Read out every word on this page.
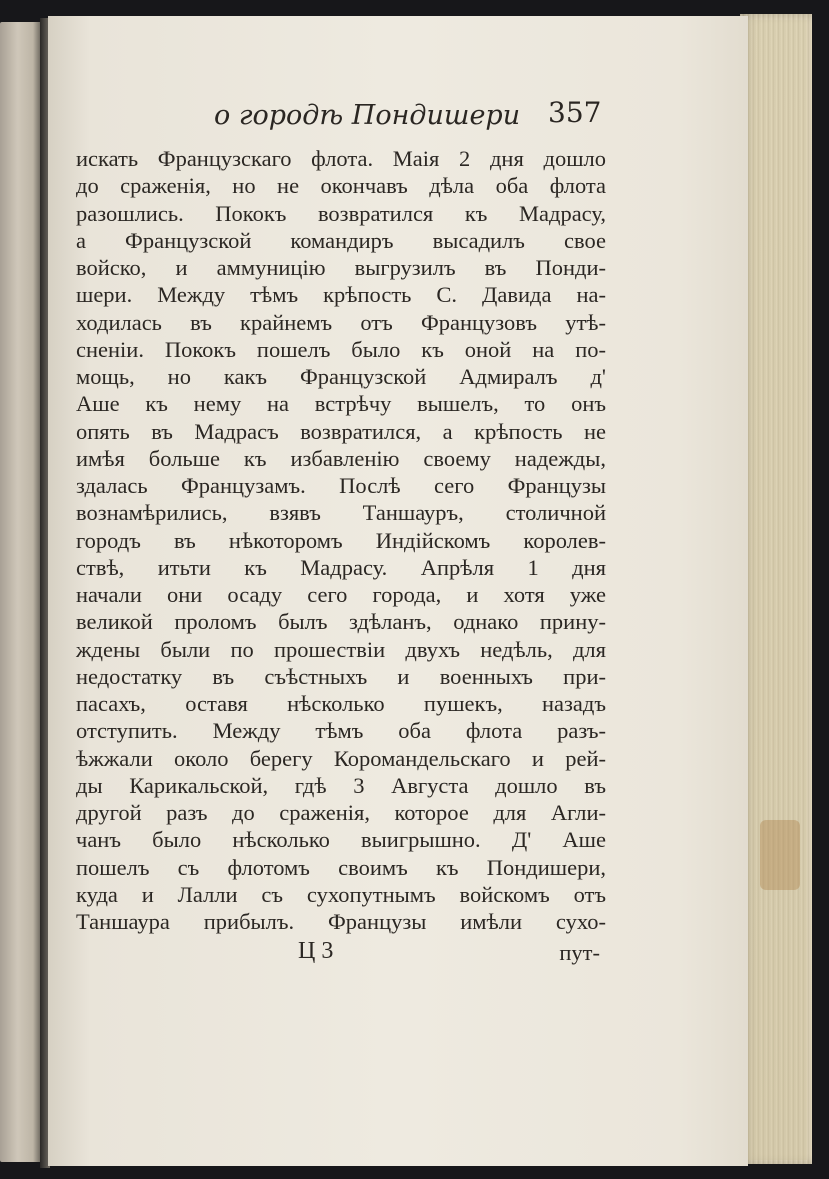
о городѣ Пондишери 357
искать Французскаго флота. Маія 2 дня дошло
до сраженія, но не окончавъ дѣла оба флота
разошлись. Пококъ возвратился къ Мадрасу,
а Французской командиръ высадилъ свое
войско, и аммуницію выгрузилъ въ Понди-
шери. Между тѣмъ крѣпость С. Давида на-
ходилась въ крайнемъ отъ Французовъ утѣ-
сненіи. Пококъ пошелъ было къ оной на по-
мощь, но какъ Французской Адмиралъ д'
Аше къ нему на встрѣчу вышелъ, то онъ
опять въ Мадрасъ возвратился, а крѣпость не
имѣя больше къ избавленію своему надежды,
здалась Французамъ. Послѣ сего Французы
вознамѣрились, взявъ Таншауръ, столичной
городъ въ нѣкоторомъ Индійскомъ королев-
ствѣ, итьти къ Мадрасу. Апрѣля 1 дня
начали они осаду сего города, и хотя уже
великой проломъ былъ здѣланъ, однако прину-
ждены были по прошествіи двухъ недѣль, для
недостатку въ съѣстныхъ и военныхъ при-
пасахъ, оставя нѣсколько пушекъ, назадъ
отступить. Между тѣмъ оба флота разъ-
ѣжжали около берегу Коромандельскаго и рей-
ды Карикальской, гдѣ 3 Августа дошло въ
другой разъ до сраженія, которое для Агли-
чанъ было нѣсколько выигрышно. Д' Аше
пошелъ съ флотомъ своимъ къ Пондишери,
куда и Лалли съ сухопутнымъ войскомъ отъ
Таншаура прибылъ. Французы имѣли сухо-
Ц 3	пут-
